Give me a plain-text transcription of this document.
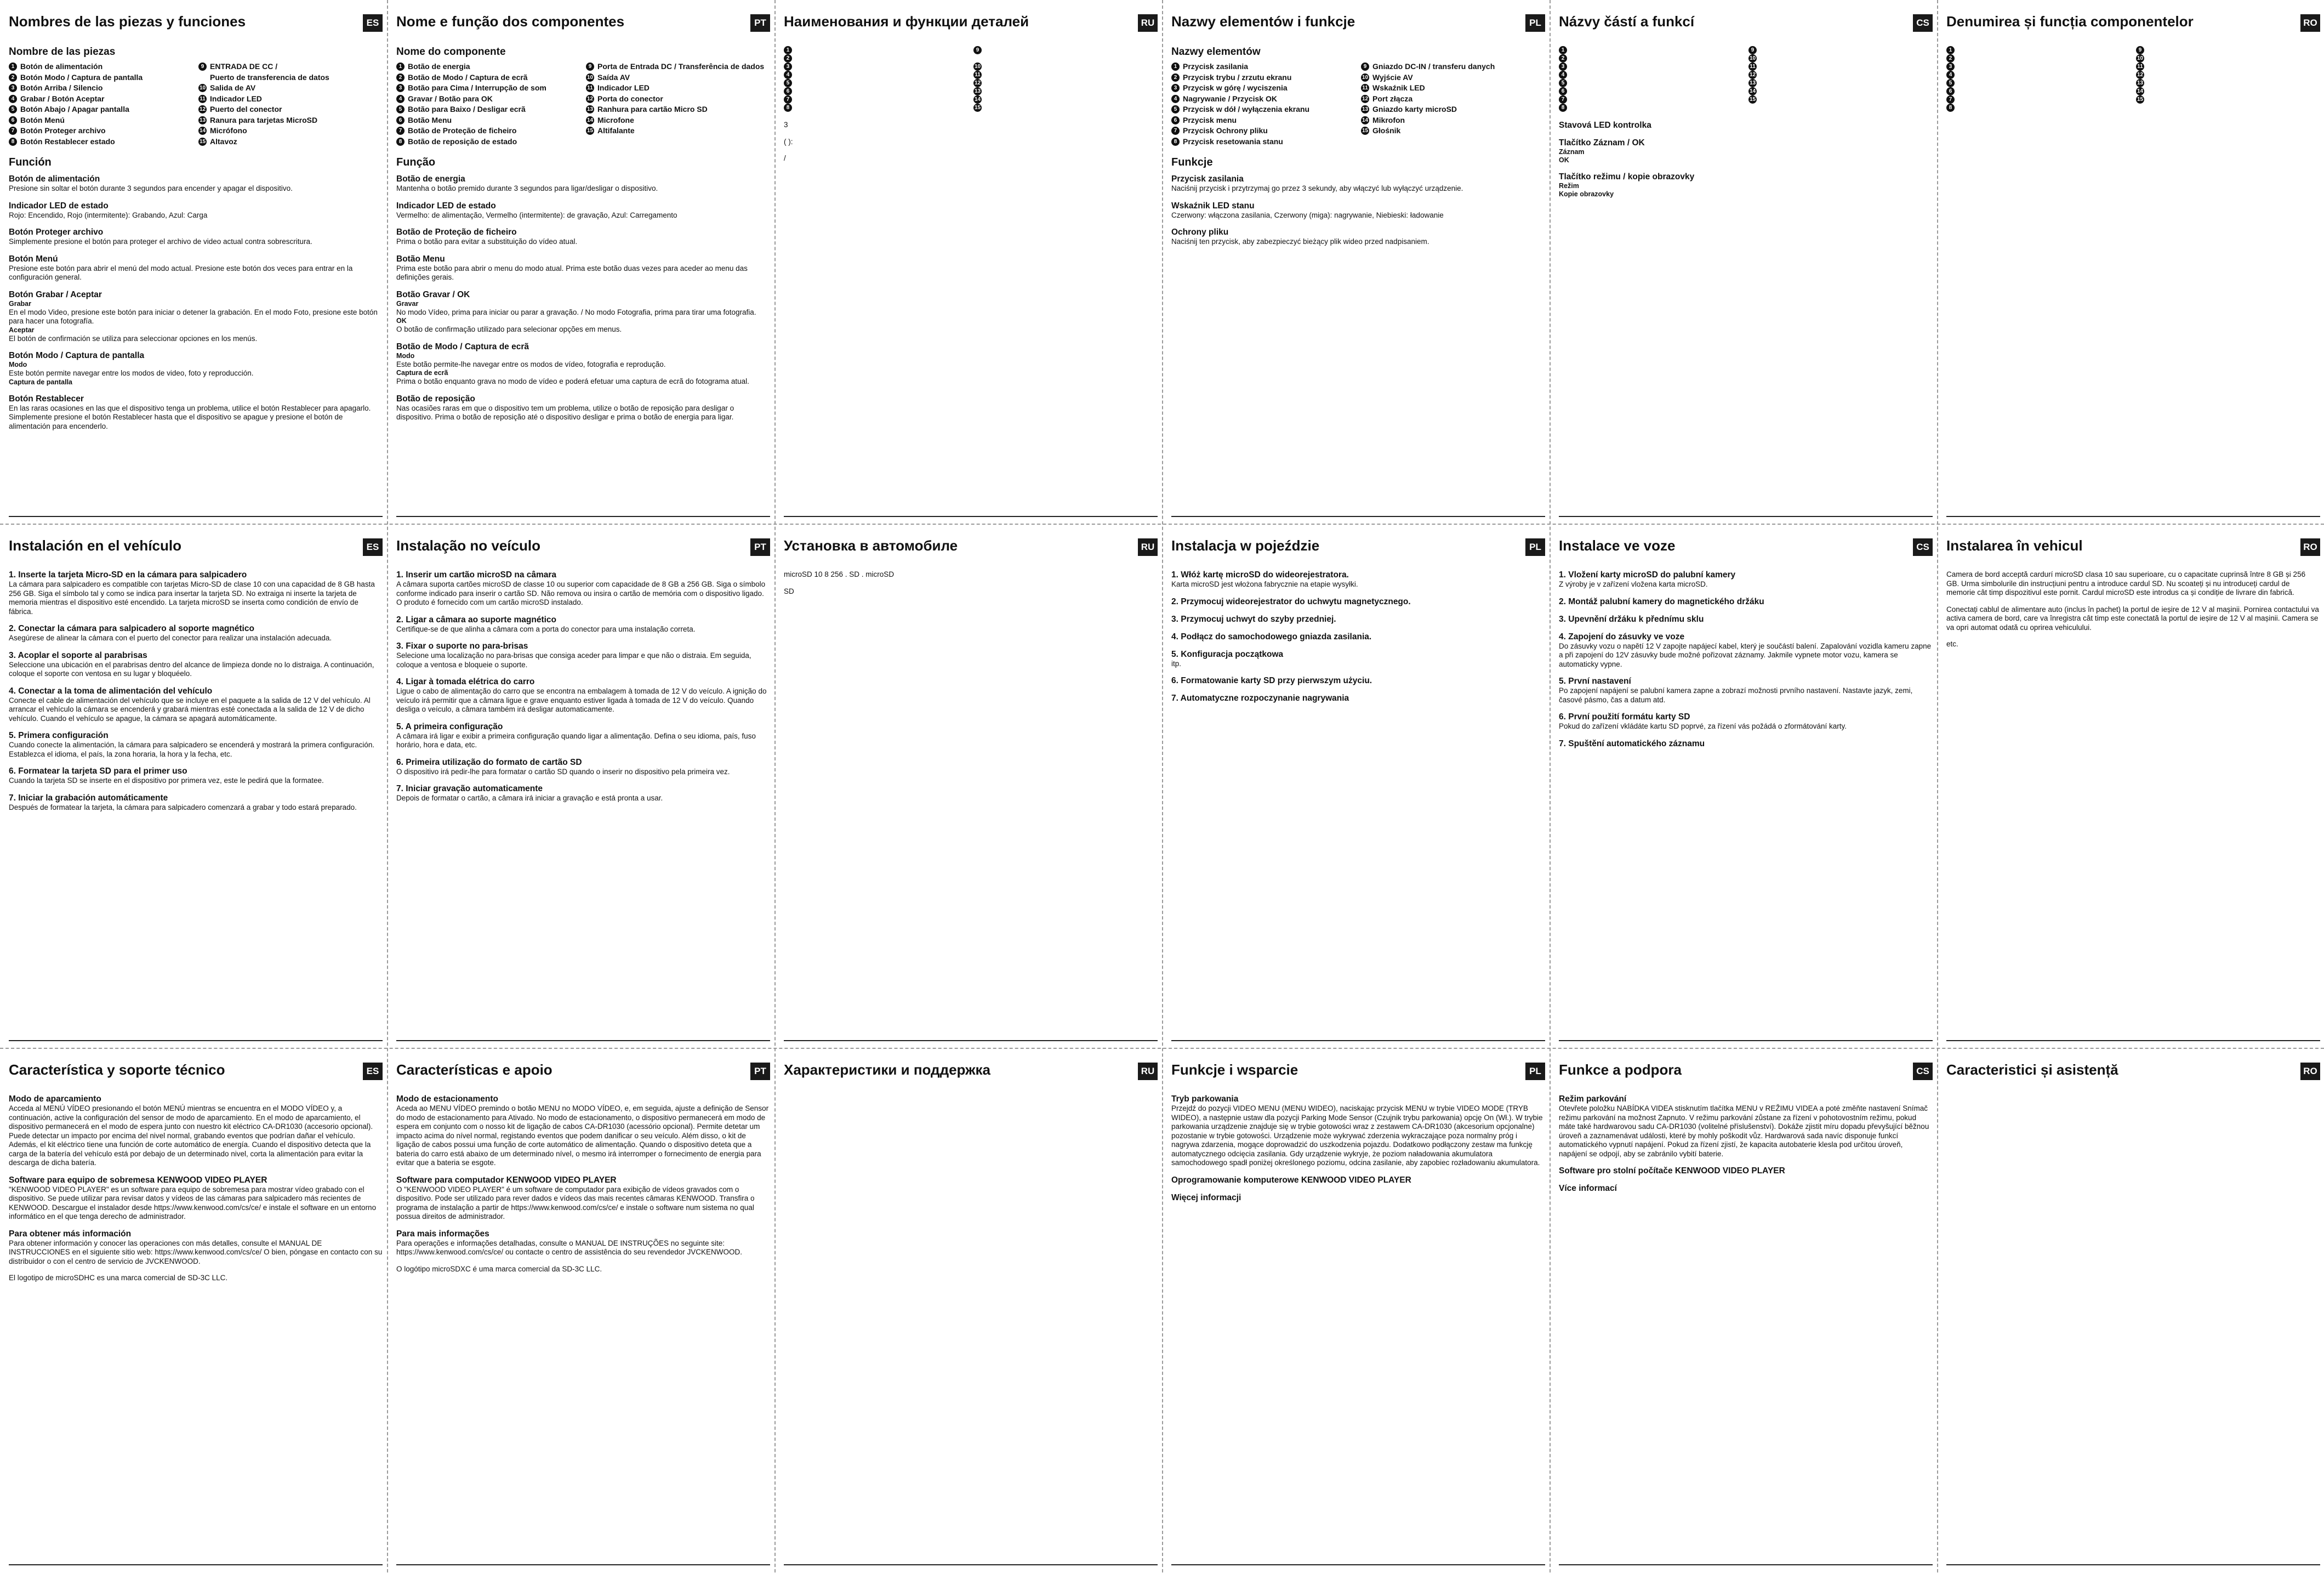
Nombres de las piezas y funciones	ES
Nombre de las piezas
1 Botón de alimentación
2 Botón Modo / Captura de pantalla
3 Botón Arriba / Silencio
4 Grabar / Botón Aceptar
5 Botón Abajo / Apagar pantalla
6 Botón Menú
7 Botón Proteger archivo
8 Botón Restablecer estado
9 ENTRADA DE CC /
Puerto de transferencia de datos
10 Salida de AV
11 Indicador LED
12 Puerto del conector
13 Ranura para tarjetas MicroSD
14 Micrófono
15 Altavoz
Función
Botón de alimentación
Presione sin soltar el botón durante 3 segundos para encender y apagar el dispositivo.
Indicador LED de estado
Rojo: Encendido, Rojo (intermitente): Grabando, Azul: Carga
Botón Proteger archivo
Simplemente presione el botón para proteger el archivo de video actual contra sobrescritura.
Botón Menú
Presione este botón para abrir el menú del modo actual. Presione este botón dos veces para entrar en la configuración general.
Botón Grabar / Aceptar
Grabar
En el modo Video, presione este botón para iniciar o detener la grabación. En el modo Foto, presione este botón para hacer una fotografía.
Aceptar
El botón de confirmación se utiliza para seleccionar opciones en los menús.
Botón Modo / Captura de pantalla
Modo
Este botón permite navegar entre los modos de video, foto y reproducción.
Captura de pantalla
Botón Restablecer
En las raras ocasiones en las que el dispositivo tenga un problema, utilice el botón Restablecer para apagarlo. Simplemente presione el botón Restablecer hasta que el dispositivo se apague y presione el botón de alimentación para encenderlo.
Nome e função dos componentes	PT
Nome do componente
1 Botão de energia
2 Botão de Modo / Captura de ecrã
3 Botão para Cima / Interrupção de som
4 Gravar / Botão para OK
5 Botão para Baixo / Desligar ecrã
6 Botão Menu
7 Botão de Proteção de ficheiro
8 Botão de reposição de estado
9 Porta de Entrada DC / Transferência de dados
10 Saída AV
11 Indicador LED
12 Porta do conector
13 Ranhura para cartão Micro SD
14 Microfone
15 Altifalante
Função
Botão de energia
Mantenha o botão premido durante 3 segundos para ligar/desligar o dispositivo.
Indicador LED de estado
Vermelho: de alimentação, Vermelho (intermitente): de gravação, Azul: Carregamento
Botão de Proteção de ficheiro
Prima o botão para evitar a substituição do vídeo atual.
Botão Menu
Prima este botão para abrir o menu do modo atual. Prima este botão duas vezes para aceder ao menu das definições gerais.
Botão Gravar / OK
Gravar
No modo Vídeo, prima para iniciar ou parar a gravação. / No modo Fotografia, prima para tirar uma fotografia.
OK
O botão de confirmação utilizado para selecionar opções em menus.
Botão de Modo / Captura de ecrã
Modo
Este botão permite-lhe navegar entre os modos de vídeo, fotografia e reprodução.
Captura de ecrã
Prima o botão enquanto grava no modo de vídeo e poderá efetuar uma captura de ecrã do fotograma atual.
Botão de reposição
Nas ocasiões raras em que o dispositivo tem um problema, utilize o botão de reposição para desligar o dispositivo. Prima o botão de reposição até o dispositivo desligar e prima o botão de energia para ligar.
Наименования и функции деталей	RU
1
2
3
4
5
6
7
8
9
10
11
12
13
14
15
3
( ):
/
Nazwy elementów i funkcje	PL
Nazwy elementów
1 Przycisk zasilania
2 Przycisk trybu / zrzutu ekranu
3 Przycisk w górę / wyciszenia
4 Nagrywanie / Przycisk OK
5 Przycisk w dół / wyłączenia ekranu
6 Przycisk menu
7 Przycisk Ochrony pliku
8 Przycisk resetowania stanu
9 Gniazdo DC-IN / transferu danych
10 Wyjście AV
11 Wskaźnik LED
12 Port złącza
13 Gniazdo karty microSD
14 Mikrofon
15 Głośnik
Funkcje
Przycisk zasilania
Naciśnij przycisk i przytrzymaj go przez 3 sekundy, aby włączyć lub wyłączyć urządzenie.
Wskaźnik LED stanu
Czerwony: włączona zasilania, Czerwony (miga): nagrywanie, Niebieski: ładowanie
Ochrony pliku
Naciśnij ten przycisk, aby zabezpieczyć bieżący plik wideo przed nadpisaniem.
Názvy částí a funkcí	CS
1
2
3
4
5
6
7
8
9
10
11
12
13
14
15
Stavová LED kontrolka
Tlačítko Záznam / OK
Záznam
OK
Tlačítko režimu / kopie obrazovky
Režim
Kopie obrazovky
Denumirea și funcția componentelor	RO
1
2
3
4
5
6
7
8
9
10
11
12
13
14
15
Instalación en el vehículo	ES
1. Inserte la tarjeta Micro-SD en la cámara para salpicadero
La cámara para salpicadero es compatible con tarjetas Micro-SD de clase 10 con una capacidad de 8 GB hasta 256 GB. Siga el símbolo tal y como se indica para insertar la tarjeta SD. No extraiga ni inserte la tarjeta de memoria mientras el dispositivo esté encendido. La tarjeta microSD se inserta como condición de envío de fábrica.
2. Conectar la cámara para salpicadero al soporte magnético
Asegúrese de alinear la cámara con el puerto del conector para realizar una instalación adecuada.
3. Acoplar el soporte al parabrisas
Seleccione una ubicación en el parabrisas dentro del alcance de limpieza donde no lo distraiga. A continuación, coloque el soporte con ventosa en su lugar y bloquéelo.
4. Conectar a la toma de alimentación del vehículo
Conecte el cable de alimentación del vehículo que se incluye en el paquete a la salida de 12 V del vehículo. Al arrancar el vehículo la cámara se encenderá y grabará mientras esté conectada a la salida de 12 V de dicho vehículo. Cuando el vehículo se apague, la cámara se apagará automáticamente.
5. Primera configuración
Cuando conecte la alimentación, la cámara para salpicadero se encenderá y mostrará la primera configuración. Establezca el idioma, el país, la zona horaria, la hora y la fecha, etc.
6. Formatear la tarjeta SD para el primer uso
Cuando la tarjeta SD se inserte en el dispositivo por primera vez, este le pedirá que la formatee.
7. Iniciar la grabación automáticamente
Después de formatear la tarjeta, la cámara para salpicadero comenzará a grabar y todo estará preparado.
Instalação no veículo	PT
1. Inserir um cartão microSD na câmara
A câmara suporta cartões microSD de classe 10 ou superior com capacidade de 8 GB a 256 GB. Siga o símbolo conforme indicado para inserir o cartão SD. Não remova ou insira o cartão de memória com o dispositivo ligado. O produto é fornecido com um cartão microSD instalado.
2. Ligar a câmara ao suporte magnético
Certifique-se de que alinha a câmara com a porta do conector para uma instalação correta.
3. Fixar o suporte no para-brisas
Selecione uma localização no para-brisas que consiga aceder para limpar e que não o distraia. Em seguida, coloque a ventosa e bloqueie o suporte.
4. Ligar à tomada elétrica do carro
Ligue o cabo de alimentação do carro que se encontra na embalagem à tomada de 12 V do veículo. A ignição do veículo irá permitir que a câmara ligue e grave enquanto estiver ligada à tomada de 12 V do veículo. Quando desliga o veículo, a câmara também irá desligar automaticamente.
5. A primeira configuração
A câmara irá ligar e exibir a primeira configuração quando ligar a alimentação. Defina o seu idioma, país, fuso horário, hora e data, etc.
6. Primeira utilização do formato de cartão SD
O dispositivo irá pedir-lhe para formatar o cartão SD quando o inserir no dispositivo pela primeira vez.
7. Iniciar gravação automaticamente
Depois de formatar o cartão, a câmara irá iniciar a gravação e está pronta a usar.
Установка в автомобиле	RU
microSD 10 8 256 . SD . microSD
SD
Instalacja w pojeździe	PL
1. Włóż kartę microSD do wideorejestratora.
Karta microSD jest włożona fabrycznie na etapie wysyłki.
2. Przymocuj wideorejestrator do uchwytu magnetycznego.
3. Przymocuj uchwyt do szyby przedniej.
4. Podłącz do samochodowego gniazda zasilania.
5. Konfiguracja początkowa
itp.
6. Formatowanie karty SD przy pierwszym użyciu.
7. Automatyczne rozpoczynanie nagrywania
Instalace ve voze	CS
1. Vložení karty microSD do palubní kamery
Z výroby je v zařízení vložena karta microSD.
2. Montáž palubní kamery do magnetického držáku
3. Upevnění držáku k přednímu sklu
4. Zapojení do zásuvky ve voze
Do zásuvky vozu o napětí 12 V zapojte napájecí kabel, který je součástí balení. Zapalování vozidla kameru zapne a při zapojení do 12V zásuvky bude možné pořizovat záznamy. Jakmile vypnete motor vozu, kamera se automaticky vypne.
5. První nastavení
Po zapojení napájení se palubní kamera zapne a zobrazí možnosti prvního nastavení. Nastavte jazyk, zemi, časové pásmo, čas a datum atd.
6. První použití formátu karty SD
Pokud do zařízení vkládáte kartu SD poprvé, za řízení vás požádá o zformátování karty.
7. Spuštění automatického záznamu
Instalarea în vehicul	RO
Camera de bord acceptă cardurí microSD clasa 10 sau superioare, cu o capacitate cuprinsă între 8 GB și 256 GB. Urma simbolurile din instrucțiuni pentru a introduce cardul SD. Nu scoateți și nu introduceți cardul de memorie cât timp dispozitivul este pornit. Cardul microSD este introdus ca și condiție de livrare din fabrică.
Conectați cablul de alimentare auto (inclus în pachet) la portul de ieșire de 12 V al mașinii. Pornirea contactului va activa camera de bord, care va înregistra cât timp este conectată la portul de ieșire de 12 V al mașinii. Camera se va opri automat odată cu oprirea vehiculului.
etc.
Característica y soporte técnico	ES
Modo de aparcamiento
Acceda al MENÚ VÍDEO presionando el botón MENÚ mientras se encuentra en el MODO VÍDEO y, a continuación, active la configuración del sensor de modo de aparcamiento. En el modo de aparcamiento, el dispositivo permanecerá en el modo de espera junto con nuestro kit eléctrico CA-DR1030 (accesorio opcional). Puede detectar un impacto por encima del nivel normal, grabando eventos que podrían dañar el vehículo. Además, el kit eléctrico tiene una función de corte automático de energía. Cuando el dispositivo detecta que la carga de la batería del vehículo está por debajo de un determinado nivel, corta la alimentación para evitar la descarga de dicha batería.
Software para equipo de sobremesa KENWOOD VIDEO PLAYER
"KENWOOD VIDEO PLAYER" es un software para equipo de sobremesa para mostrar vídeo grabado con el dispositivo. Se puede utilizar para revisar datos y vídeos de las cámaras para salpicadero más recientes de KENWOOD. Descargue el instalador desde https://www.kenwood.com/cs/ce/ e instale el software en un entorno informático en el que tenga derecho de administrador.
Para obtener más información
Para obtener información y conocer las operaciones con más detalles, consulte el MANUAL DE INSTRUCCIONES en el siguiente sitio web: https://www.kenwood.com/cs/ce/ O bien, póngase en contacto con su distribuidor o con el centro de servicio de JVCKENWOOD.
El logotipo de microSDHC es una marca comercial de SD-3C LLC.
Características e apoio	PT
Modo de estacionamento
Aceda ao MENU VÍDEO premindo o botão MENU no MODO VÍDEO, e, em seguida, ajuste a definição de Sensor do modo de estacionamento para Ativado. No modo de estacionamento, o dispositivo permanecerá em modo de espera em conjunto com o nosso kit de ligação de cabos CA-DR1030 (acessório opcional). Permite detetar um impacto acima do nível normal, registando eventos que podem danificar o seu veículo. Além disso, o kit de ligação de cabos possui uma função de corte automático de alimentação. Quando o dispositivo deteta que a bateria do carro está abaixo de um determinado nível, o mesmo irá interromper o fornecimento de energia para evitar que a bateria se esgote.
Software para computador KENWOOD VIDEO PLAYER
O "KENWOOD VIDEO PLAYER" é um software de computador para exibição de vídeos gravados com o dispositivo. Pode ser utilizado para rever dados e vídeos das mais recentes câmaras KENWOOD. Transfira o programa de instalação a partir de https://www.kenwood.com/cs/ce/ e instale o software num sistema no qual possua direitos de administrador.
Para mais informações
Para operações e informações detalhadas, consulte o MANUAL DE INSTRUÇÕES no seguinte site: https://www.kenwood.com/cs/ce/ ou contacte o centro de assistência do seu revendedor JVCKENWOOD.
O logótipo microSDXC é uma marca comercial da SD-3C LLC.
Характеристики и поддержка	RU Funkcje i wsparcie	PL
Tryb parkowania
Przejdź do pozycji VIDEO MENU (MENU WIDEO), naciskając przycisk MENU w trybie VIDEO MODE (TRYB WIDEO), a następnie ustaw dla pozycji Parking Mode Sensor (Czujnik trybu parkowania) opcję On (Wł.). W trybie parkowania urządzenie znajduje się w trybie gotowości wraz z zestawem CA-DR1030 (akcesorium opcjonalne) pozostanie w trybie gotowości. Urządzenie może wykrywać zderzenia wykraczające poza normalny próg i nagrywa zdarzenia, mogące doprowadzić do uszkodzenia pojazdu. Dodatkowo podłączony zestaw ma funkcję automatycznego odcięcia zasilania. Gdy urządzenie wykryje, że poziom naładowania akumulatora samochodowego spadł poniżej określonego poziomu, odcina zasilanie, aby zapobiec rozładowaniu akumulatora.
Oprogramowanie komputerowe KENWOOD VIDEO PLAYER
Więcej informacji
Funkce a podpora	CS
Režim parkování
Otevřete položku NABÍDKA VIDEA stisknutím tlačítka MENU v REŽIMU VIDEA a poté změňte nastavení Snímač režimu parkování na možnost Zapnuto. V režimu parkování zůstane za řízení v pohotovostním režimu, pokud máte také hardwarovou sadu CA-DR1030 (volitelné příslušenství). Dokáže zjistit míru dopadu převyšující běžnou úroveň a zaznamenávat události, které by mohly poškodit vůz. Hardwarová sada navíc disponuje funkcí automatického vypnutí napájení. Pokud za řízení zjistí, že kapacita autobaterie klesla pod určitou úroveň, napájení se odpojí, aby se zabránilo vybití baterie.
Software pro stolní počítače KENWOOD VIDEO PLAYER
Více informací
Caracteristici și asistență	RO
